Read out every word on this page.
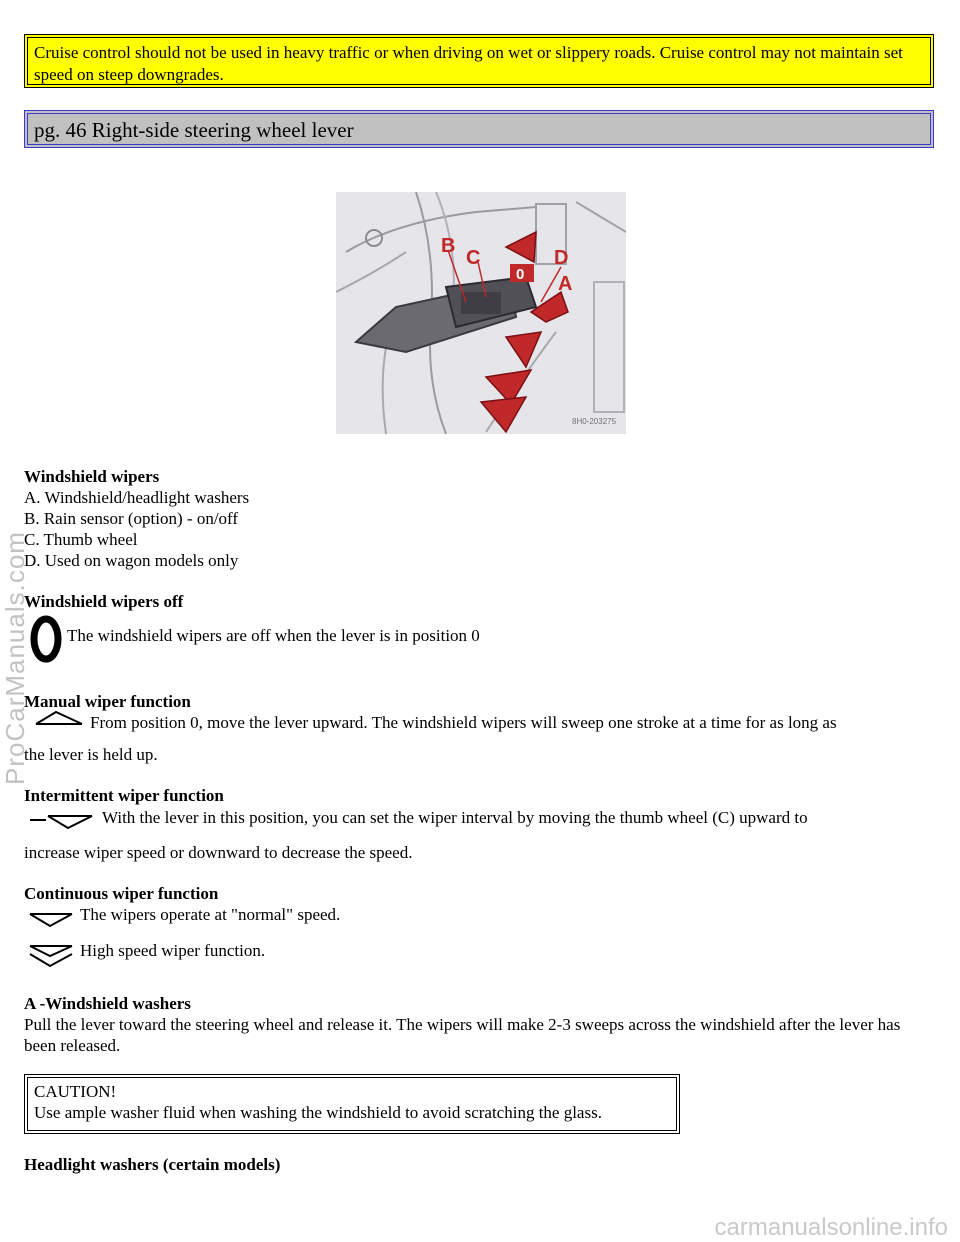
Cruise control should not be used in heavy traffic or when driving on wet or slippery roads. Cruise control may not maintain set speed on steep downgrades.
pg. 46 Right-side steering wheel lever
B
C	D
A
0
8H0-203275
Windshield wipers
A. Windshield/headlight washers
B. Rain sensor (option) - on/off
C. Thumb wheel
D. Used on wagon models only
Windshield wipers off
The windshield wipers are off when the lever is in position 0
Manual wiper function
From position 0, move the lever upward. The windshield wipers will sweep one stroke at a time for as long as
the lever is held up.
Intermittent wiper function
With the lever in this position, you can set the wiper interval by moving the thumb wheel (C) upward to
increase wiper speed or downward to decrease the speed.
Continuous wiper function
The wipers operate at "normal" speed.
High speed wiper function.
A -Windshield washers
Pull the lever toward the steering wheel and release it. The wipers will make 2-3 sweeps across the windshield after the lever has been released.
CAUTION!
Use ample washer fluid when washing the windshield to avoid scratching the glass.
Headlight washers (certain models)
ProCarManuals.com
carmanualsonline.info
